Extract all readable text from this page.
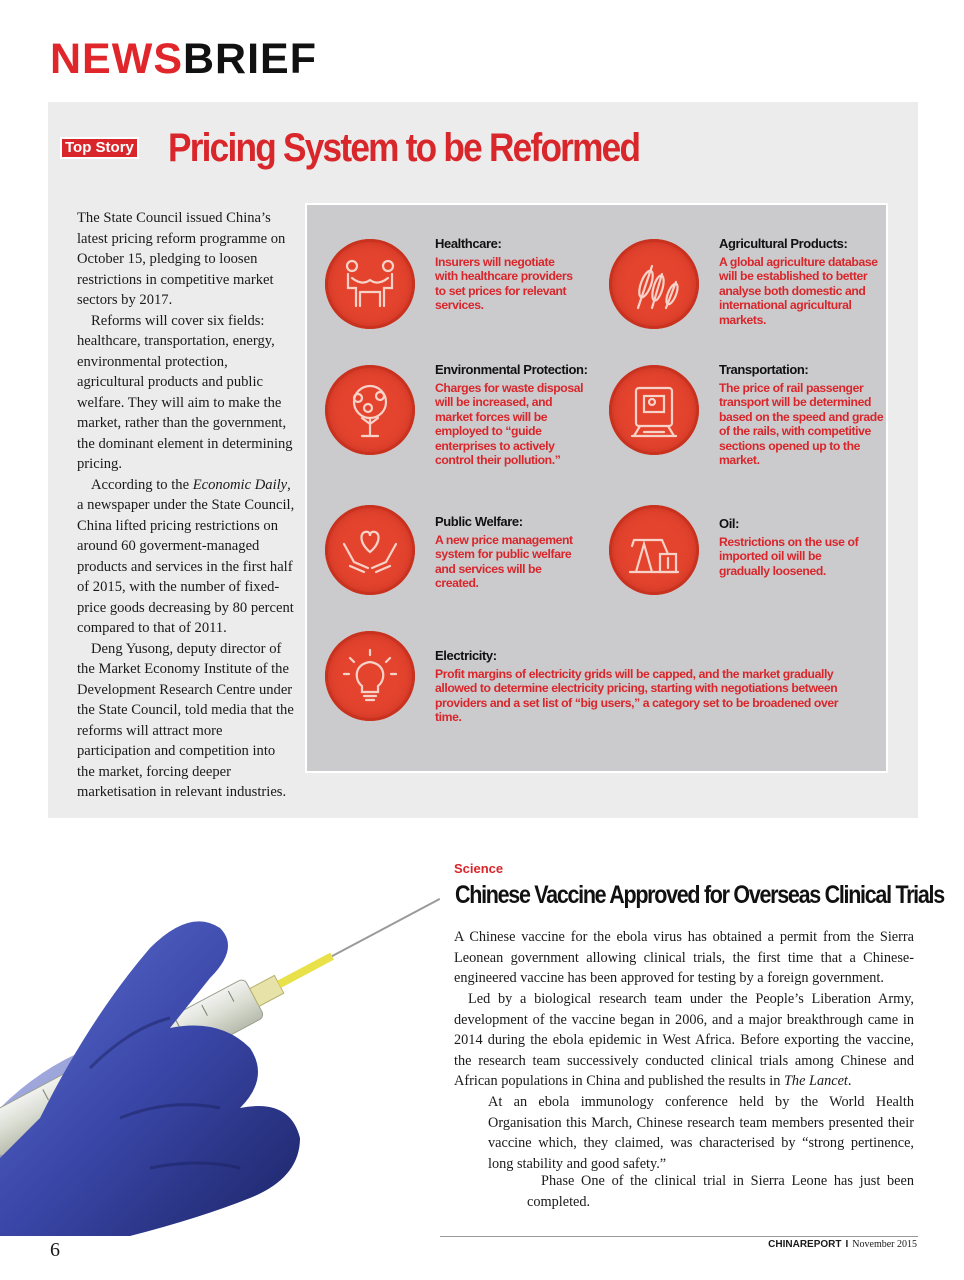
NEWSBRIEF
Top Story Pricing System to be Reformed

The State Council issued China’s latest pricing reform programme on October 15, pledging to loosen restrictions in competitive market sectors by 2017.

Reforms will cover six fields: healthcare, transportation, energy, environmental protection, agricultural products and public welfare. They will aim to make the market, rather than the government, the dominant element in determining pricing.

According to the Economic Daily, a newspaper under the State Council, China lifted pricing restrictions on around 60 goverment-managed products and services in the first half of 2015, with the number of fixed-price goods decreasing by 80 percent compared to that of 2011.

Deng Yusong, deputy director of the Market Economy Institute of the Development Research Centre under the State Council, told media that the reforms will attract more participation and competition into the market, forcing deeper marketisation in relevant industries.

Healthcare:
Insurers will negotiate with healthcare providers to set prices for relevant services.
Agricultural Products:
A global agriculture database will be established to better analyse both domestic and international agricultural markets.
Environmental Protection:
Charges for waste disposal will be increased, and market forces will be employed to “guide enterprises to actively control their pollution.”
Transportation:
The price of rail passenger transport will be determined based on the speed and grade of the rails, with competitive sections opened up to the market.
Public Welfare:
A new price management system for public welfare and services will be created.
Oil:
Restrictions on the use of imported oil will be gradually loosened.
Electricity:
Profit margins of electricity grids will be capped, and the market gradually allowed to determine electricity pricing, starting with negotiations between providers and a set list of “big users,” a category set to be broadened over time.
Science
Chinese Vaccine Approved for Overseas Clinical Trials
A Chinese vaccine for the ebola virus has obtained a permit from the Sierra Leonean government allowing clinical trials, the first time that a Chinese-engineered vaccine has been approved for testing by a foreign government.
Led by a biological research team under the People’s Liberation Army, development of the vaccine began in 2006, and a major breakthrough came in 2014 during the ebola epidemic in West Africa. Before exporting the vaccine, the research team successively conducted clinical trials among Chinese and African populations in China and published the results in The Lancet.
At an ebola immunology conference held by the World Health Organisation this March, Chinese research team members presented their vaccine which, they claimed, was characterised by “strong pertinence, long stability and good safety.”
Phase One of the clinical trial in Sierra Leone has just been completed.
6	CHINAREPORT I November 2015
